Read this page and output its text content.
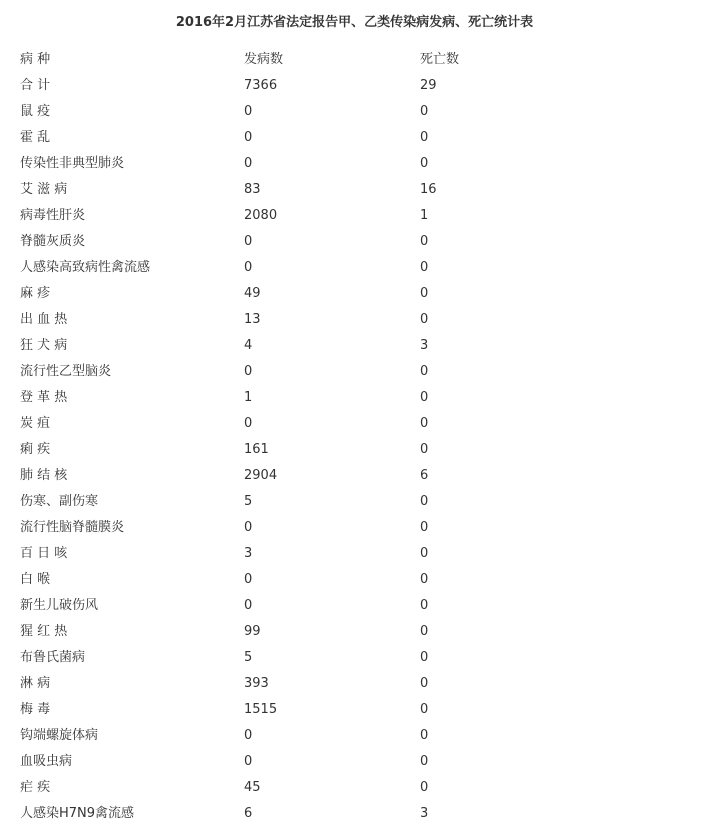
2016年2月江苏省法定报告甲、乙类传染病发病、死亡统计表
病 种	发病数	死亡数
合 计	7366	29
鼠 疫	0	0
霍 乱	0	0
传染性非典型肺炎	0	0
艾 滋 病	83	16
病毒性肝炎	2080	1
脊髓灰质炎	0	0
人感染高致病性禽流感	0	0
麻 疹	49	0
出 血 热	13	0
狂 犬 病	4	3
流行性乙型脑炎	0	0
登 革 热	1	0
炭 疽	0	0
痢 疾	161	0
肺 结 核	2904	6
伤寒、副伤寒	5	0
流行性脑脊髓膜炎	0	0
百 日 咳	3	0
白 喉	0	0
新生儿破伤风	0	0
猩 红 热	99	0
布鲁氏菌病	5	0
淋 病	393	0
梅 毒	1515	0
钩端螺旋体病	0	0
血吸虫病	0	0
疟 疾	45	0
人感染H7N9禽流感	6	3
